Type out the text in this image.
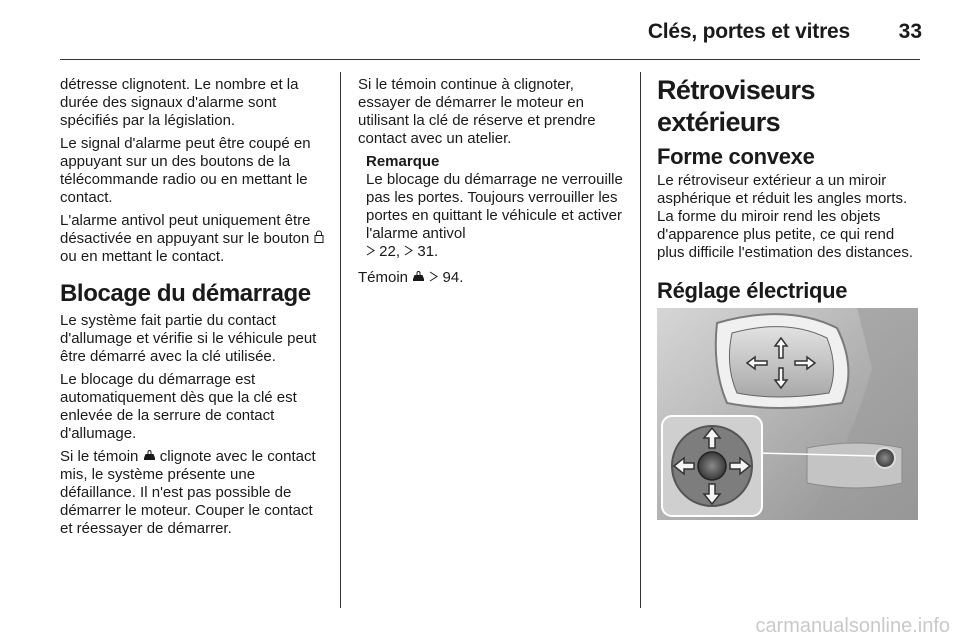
Clés, portes et vitres 33

détresse clignotent. Le nombre et la durée des signaux d'alarme sont spécifiés par la législation.

Le signal d'alarme peut être coupé en appuyant sur un des boutons de la télécommande radio ou en mettant le contact.

L'alarme antivol peut uniquement être désactivée en appuyant sur le bouton  ou en mettant le contact.

Blocage du démarrage

Le système fait partie du contact d'allumage et vérifie si le véhicule peut être démarré avec la clé utilisée.

Le blocage du démarrage est automatiquement dès que la clé est enlevée de la serrure de contact d'allumage.

Si le témoin clignote avec le contact mis, le système présente une défaillance. Il n'est pas possible de démarrer le moteur. Couper le contact et réessayer de démarrer.

Si le témoin continue à clignoter, essayer de démarrer le moteur en utilisant la clé de réserve et prendre contact avec un atelier.

Remarque

Le blocage du démarrage ne verrouille pas les portes. Toujours verrouiller les portes en quittant le véhicule et activer l'alarme antivol
22,  31.

Témoin 94.

Rétroviseurs extérieurs
Forme convexe

Le rétroviseur extérieur a un miroir asphérique et réduit les angles morts. La forme du miroir rend les objets d'apparence plus petite, ce qui rend plus difficile l'estimation des distances.

Réglage électrique
carmanualsonline.info
